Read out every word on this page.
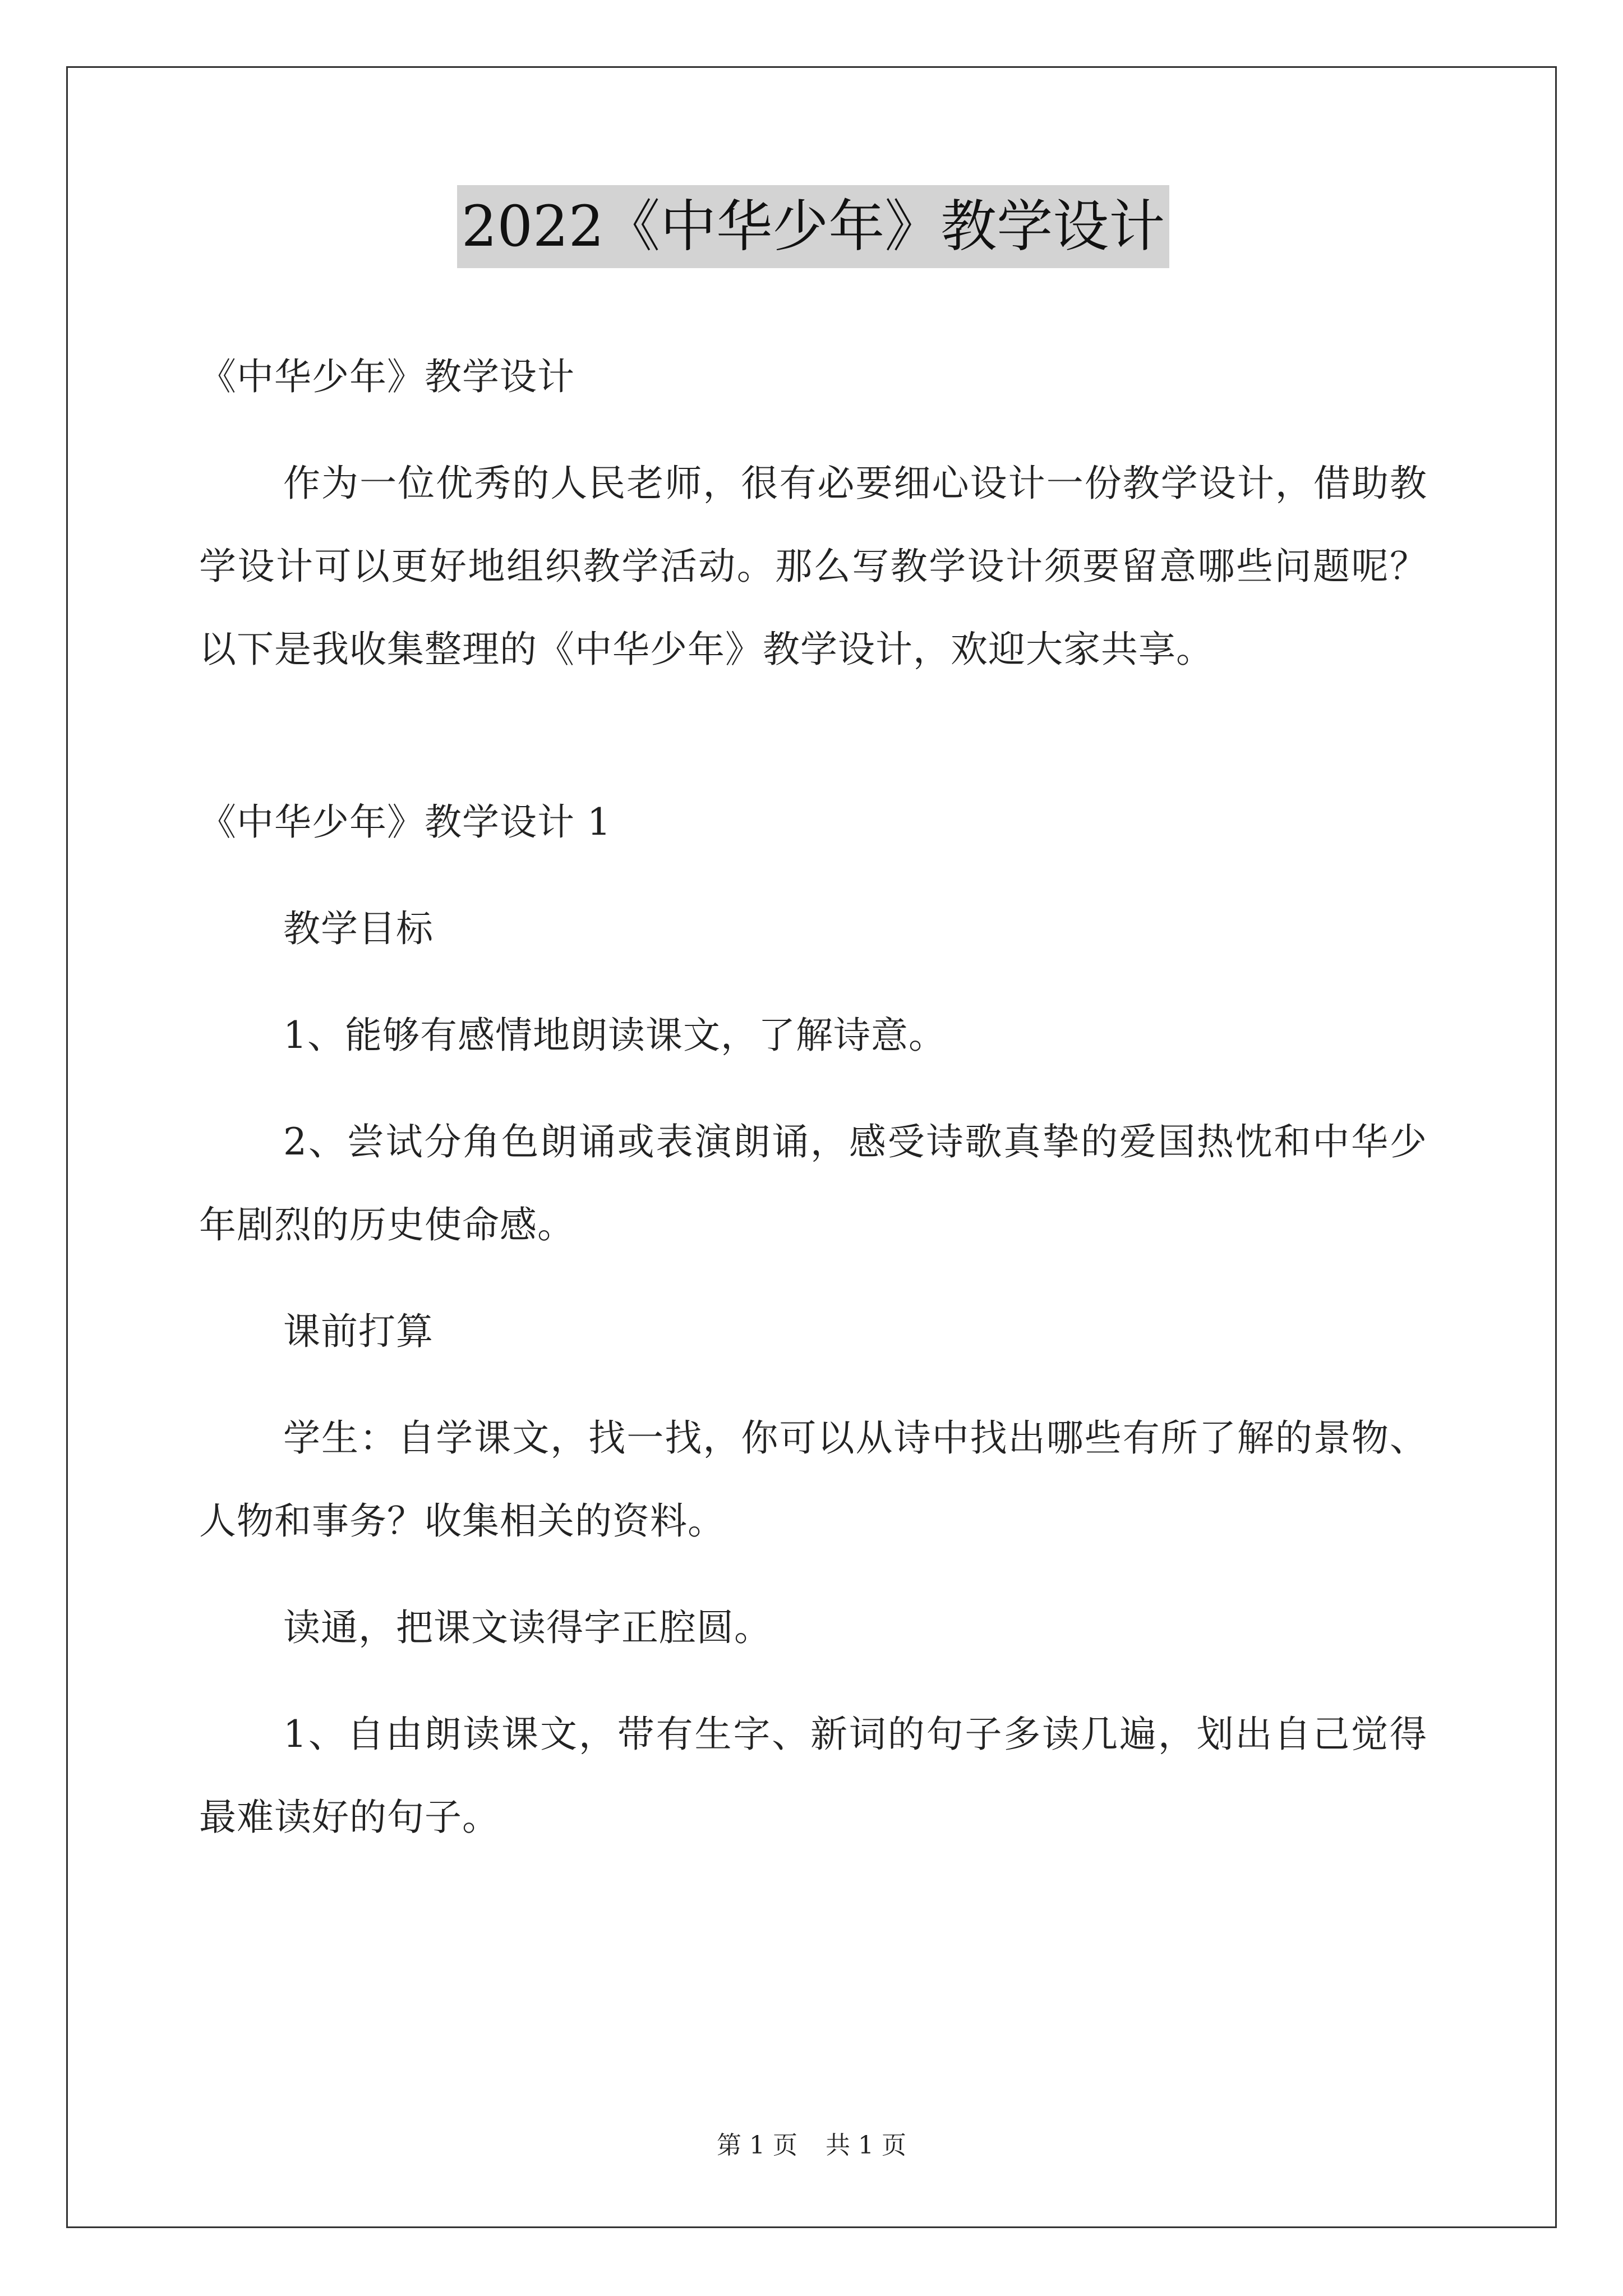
2022《中华少年》教学设计

《中华少年》教学设计

作为一位优秀的人民老师，很有必要细心设计一份教学设计，借助教学设计可以更好地组织教学活动。那么写教学设计须要留意哪些问题呢？以下是我收集整理的《中华少年》教学设计，欢迎大家共享。

《中华少年》教学设计 1

教学目标

1、能够有感情地朗读课文，了解诗意。

2、尝试分角色朗诵或表演朗诵，感受诗歌真挚的爱国热忱和中华少年剧烈的历史使命感。

课前打算

学生：自学课文，找一找，你可以从诗中找出哪些有所了解的景物、人物和事务？收集相关的资料。

读通，把课文读得字正腔圆。

1、自由朗读课文，带有生字、新词的句子多读几遍，划出自己觉得最难读好的句子。

第 1 页 共 1 页
